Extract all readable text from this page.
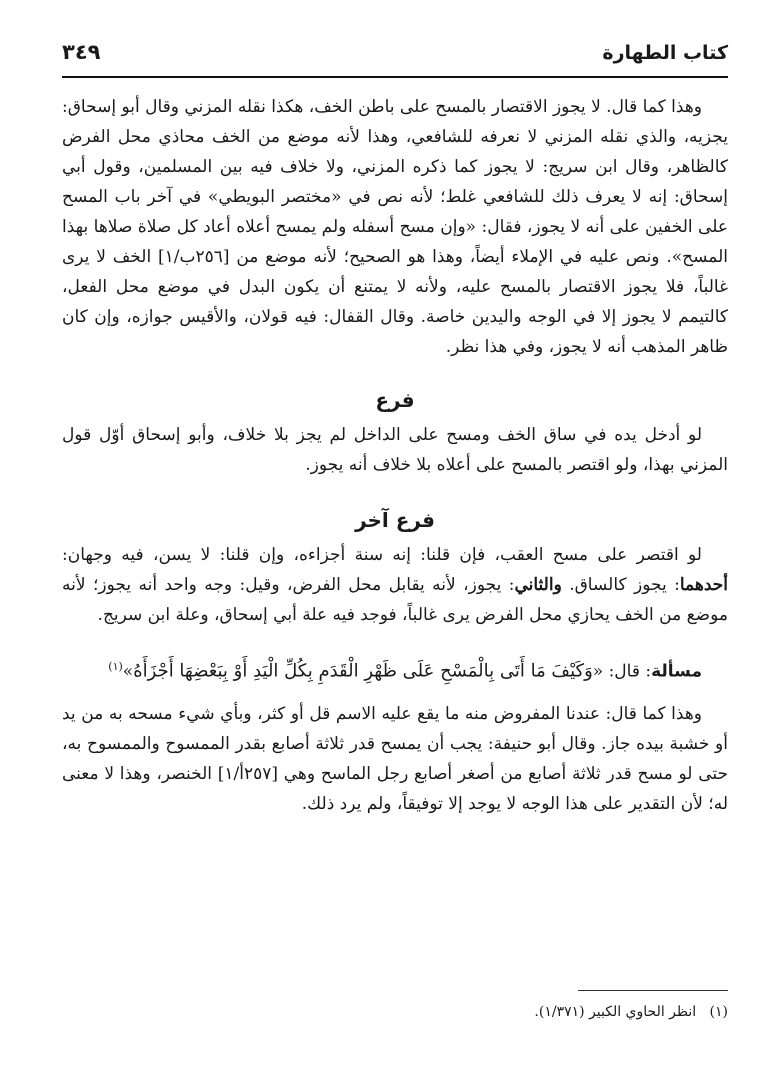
كتاب الطهارة
٣٤٩

وهذا كما قال. لا يجوز الاقتصار بالمسح على باطن الخف، هكذا نقله المزني وقال أبو إسحاق: يجزيه، والذي نقله المزني لا نعرفه للشافعي، وهذا لأنه موضع من الخف محاذي محل الفرض كالظاهر، وقال ابن سريج: لا يجوز كما ذكره المزني، ولا خلاف فيه بين المسلمين، وقول أبي إسحاق: إنه لا يعرف ذلك للشافعي غلط؛ لأنه نص في «مختصر البويطي» في آخر باب المسح على الخفين على أنه لا يجوز، فقال: «وإن مسح أسفله ولم يمسح أعلاه أعاد كل صلاة صلاها بهذا المسح». ونص عليه في الإملاء أيضاً، وهذا هو الصحيح؛ لأنه موضع من [٢٥٦ب/١] الخف لا يرى غالباً، فلا يجوز الاقتصار بالمسح عليه، ولأنه لا يمتنع أن يكون البدل في موضع محل الفعل، كالتيمم لا يجوز إلا في الوجه واليدين خاصة. وقال القفال: فيه قولان، والأقيس جوازه، وإن كان ظاهر المذهب أنه لا يجوز، وفي هذا نظر.

فرع

لو أدخل يده في ساق الخف ومسح على الداخل لم يجز بلا خلاف، وأبو إسحاق أوّل قول المزني بهذا، ولو اقتصر بالمسح على أعلاه بلا خلاف أنه يجوز.

فرع آخر

لو اقتصر على مسح العقب، فإن قلنا: إنه سنة أجزاءه، وإن قلنا: لا يسن، فيه وجهان: أحدهما: يجوز كالساق. والثاني: يجوز، لأنه يقابل محل الفرض، وقيل: وجه واحد أنه يجوز؛ لأنه موضع من الخف يحازي محل الفرض يرى غالباً، فوجد فيه علة أبي إسحاق، وعلة ابن سريج.

مسألة: قال: «وَكَيْفَ مَا أَتَى بِالْمَسْحِ عَلَى ظَهْرِ الْقَدَمِ بِكُلِّ الْيَدِ أَوْ بِبَعْضِهَا أَجْزَأَهُ»$^{(١)}$

وهذا كما قال: عندنا المفروض منه ما يقع عليه الاسم قل أو كثر، وبأي شيء مسحه به من يد أو خشبة بيده جاز. وقال أبو حنيفة: يجب أن يمسح قدر ثلاثة أصابع بقدر الممسوح والممسوح به، حتى لو مسح قدر ثلاثة أصابع من أصغر أصابع رجل الماسح وهي [٢٥٧أ/١] الخنصر، وهذا لا معنى له؛ لأن التقدير على هذا الوجه لا يوجد إلا توفيقاً، ولم يرد ذلك.

(١)   انظر الحاوي الكبير (١/٣٧١).
